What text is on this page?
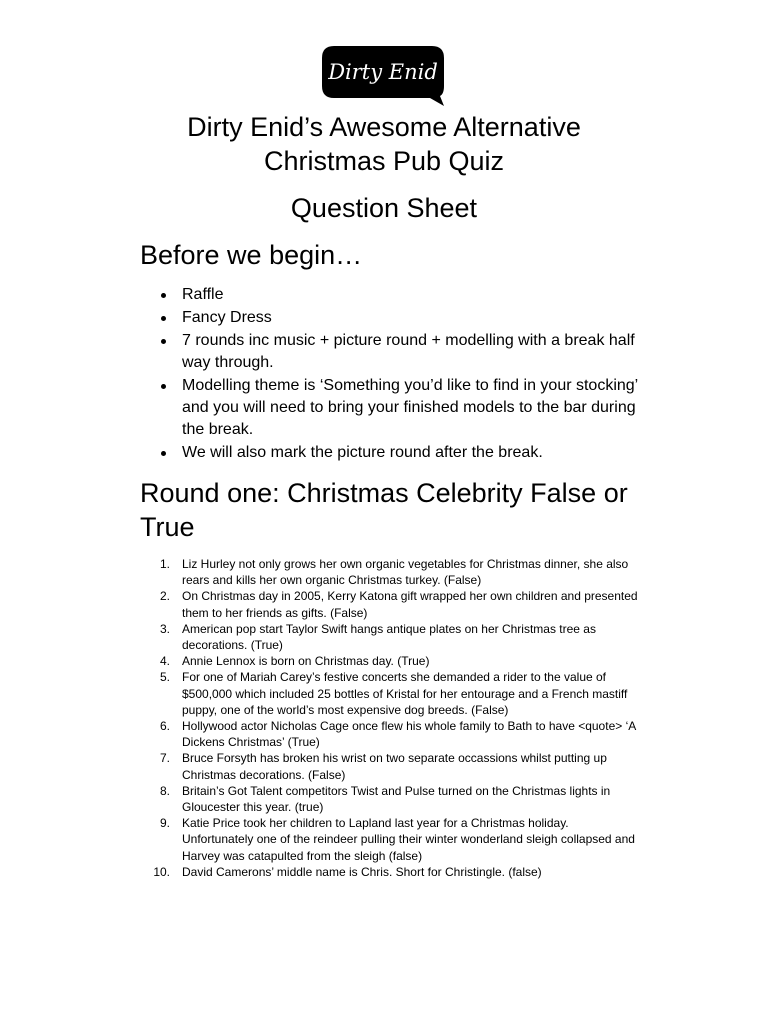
Dirty Enid
Dirty Enid’s Awesome Alternative
Christmas Pub Quiz
Question Sheet
Before we begin…
Raffle
Fancy Dress
7 rounds inc music + picture round + modelling with a break half
way through.
Modelling theme is ‘Something you’d like to find in your stocking’
and you will need to bring your finished models to the bar during
the break.
We will also mark the picture round after the break.
Round one: Christmas Celebrity False or
True
1. Liz Hurley not only grows her own organic vegetables for Christmas dinner, she also
rears and kills her own organic Christmas turkey. (False)
2. On Christmas day in 2005, Kerry Katona gift wrapped her own children and presented
them to her friends as gifts. (False)
3. American pop start Taylor Swift hangs antique plates on her Christmas tree as
decorations. (True)
4. Annie Lennox is born on Christmas day. (True)
5. For one of Mariah Carey’s festive concerts she demanded a rider to the value of
$500,000 which included 25 bottles of Kristal for her entourage and a French mastiff
puppy, one of the world’s most expensive dog breeds. (False)
6. Hollywood actor Nicholas Cage once flew his whole family to Bath to have <quote> ‘A
Dickens Christmas’ (True)
7. Bruce Forsyth has broken his wrist on two separate occassions whilst putting up
Christmas decorations. (False)
8. Britain’s Got Talent competitors Twist and Pulse turned on the Christmas lights in
Gloucester this year. (true)
9. Katie Price took her children to Lapland last year for a Christmas holiday.
Unfortunately one of the reindeer pulling their winter wonderland sleigh collapsed and
Harvey was catapulted from the sleigh (false)
10. David Camerons’ middle name is Chris. Short for Christingle. (false)
